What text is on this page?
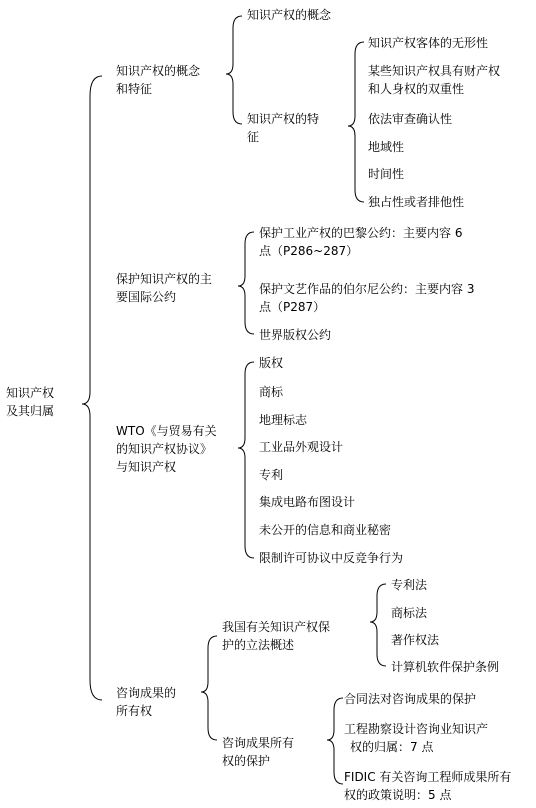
知识产权
及其归属
知识产权的概念
和特征
知识产权的概念
知识产权的特
征
知识产权客体的无形性
某些知识产权具有财产权
和人身权的双重性
依法审查确认性
地域性
时间性
独占性或者排他性
保护知识产权的主
要国际公约
保护工业产权的巴黎公约：主要内容 6
点（P286~287）
保护文艺作品的伯尔尼公约：主要内容 3
点（P287）
世界版权公约
WTO《与贸易有关
的知识产权协议》
与知识产权
版权
商标
地理标志
工业品外观设计
专利
集成电路布图设计
未公开的信息和商业秘密
限制许可协议中反竞争行为
咨询成果的
所有权
我国有关知识产权保
护的立法概述
专利法
商标法
著作权法
计算机软件保护条例
咨询成果所有
权的保护
合同法对咨询成果的保护
工程勘察设计咨询业知识产
权的归属：7 点
FIDIC 有关咨询工程师成果所有
权的政策说明：5 点
